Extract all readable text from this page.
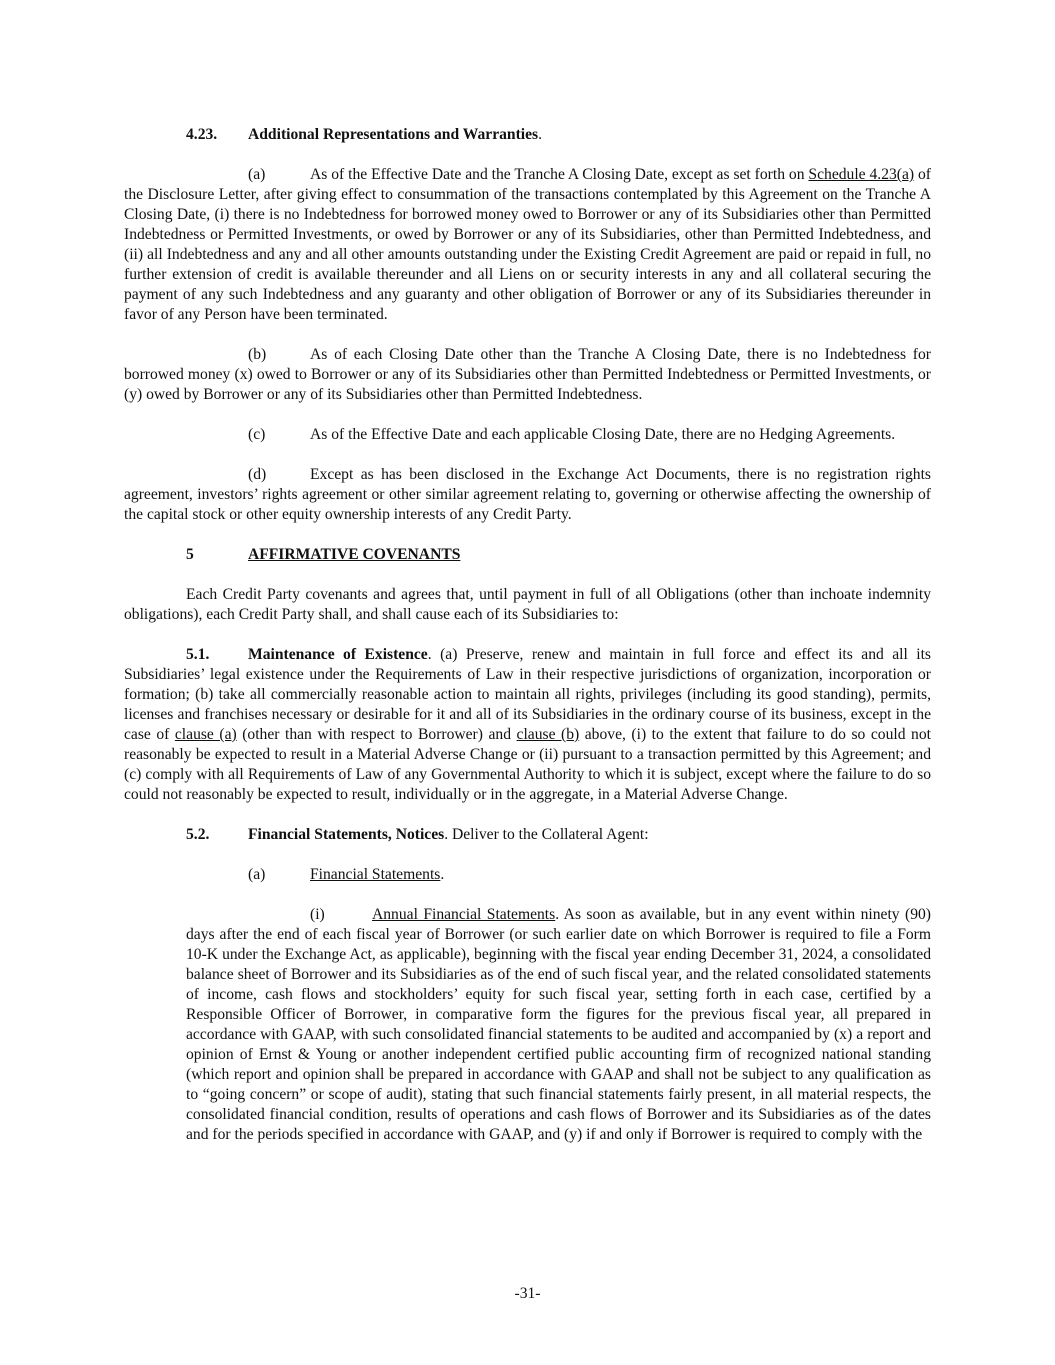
4.23. Additional Representations and Warranties.

(a)	As of the Effective Date and the Tranche A Closing Date, except as set forth on Schedule 4.23(a) of the Disclosure Letter, after giving effect to consummation of the transactions contemplated by this Agreement on the Tranche A Closing Date, (i) there is no Indebtedness for borrowed money owed to Borrower or any of its Subsidiaries other than Permitted Indebtedness or Permitted Investments, or owed by Borrower or any of its Subsidiaries, other than Permitted Indebtedness, and (ii) all Indebtedness and any and all other amounts outstanding under the Existing Credit Agreement are paid or repaid in full, no further extension of credit is available thereunder and all Liens on or security interests in any and all collateral securing the payment of any such Indebtedness and any guaranty and other obligation of Borrower or any of its Subsidiaries thereunder in favor of any Person have been terminated.

(b)	As of each Closing Date other than the Tranche A Closing Date, there is no Indebtedness for borrowed money (x) owed to Borrower or any of its Subsidiaries other than Permitted Indebtedness or Permitted Investments, or (y) owed by Borrower or any of its Subsidiaries other than Permitted Indebtedness.

(c)	As of the Effective Date and each applicable Closing Date, there are no Hedging Agreements.

(d)	Except as has been disclosed in the Exchange Act Documents, there is no registration rights agreement, investors’ rights agreement or other similar agreement relating to, governing or otherwise affecting the ownership of the capital stock or other equity ownership interests of any Credit Party.

5	AFFIRMATIVE COVENANTS

Each Credit Party covenants and agrees that, until payment in full of all Obligations (other than inchoate indemnity obligations), each Credit Party shall, and shall cause each of its Subsidiaries to:

5.1. Maintenance of Existence. (a) Preserve, renew and maintain in full force and effect its and all its Subsidiaries’ legal existence under the Requirements of Law in their respective jurisdictions of organization, incorporation or formation; (b) take all commercially reasonable action to maintain all rights, privileges (including its good standing), permits, licenses and franchises necessary or desirable for it and all of its Subsidiaries in the ordinary course of its business, except in the case of clause (a) (other than with respect to Borrower) and clause (b) above, (i) to the extent that failure to do so could not reasonably be expected to result in a Material Adverse Change or (ii) pursuant to a transaction permitted by this Agreement; and (c) comply with all Requirements of Law of any Governmental Authority to which it is subject, except where the failure to do so could not reasonably be expected to result, individually or in the aggregate, in a Material Adverse Change.

5.2. Financial Statements, Notices. Deliver to the Collateral Agent:

(a)	Financial Statements.

(i)	Annual Financial Statements. As soon as available, but in any event within ninety (90) days after the end of each fiscal year of Borrower (or such earlier date on which Borrower is required to file a Form 10-K under the Exchange Act, as applicable), beginning with the fiscal year ending December 31, 2024, a consolidated balance sheet of Borrower and its Subsidiaries as of the end of such fiscal year, and the related consolidated statements of income, cash flows and stockholders’ equity for such fiscal year, setting forth in each case, certified by a Responsible Officer of Borrower, in comparative form the figures for the previous fiscal year, all prepared in accordance with GAAP, with such consolidated financial statements to be audited and accompanied by (x) a report and opinion of Ernst & Young or another independent certified public accounting firm of recognized national standing (which report and opinion shall be prepared in accordance with GAAP and shall not be subject to any qualification as to “going concern” or scope of audit), stating that such financial statements fairly present, in all material respects, the consolidated financial condition, results of operations and cash flows of Borrower and its Subsidiaries as of the dates and for the periods specified in accordance with GAAP, and (y) if and only if Borrower is required to comply with the

-31-
